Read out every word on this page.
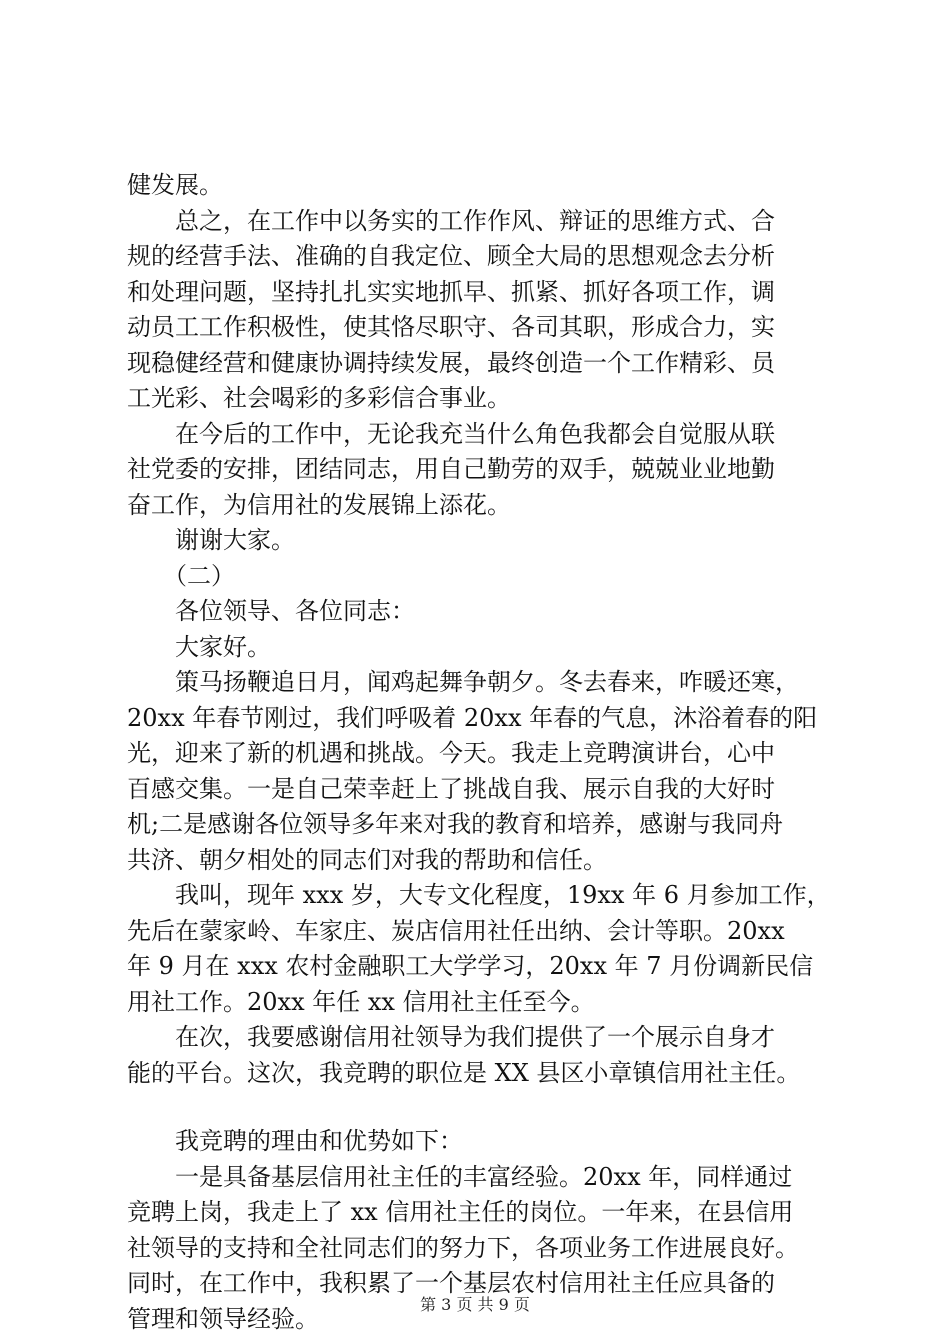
健发展。
　　总之，在工作中以务实的工作作风、辩证的思维方式、合
规的经营手法、准确的自我定位、顾全大局的思想观念去分析
和处理问题，坚持扎扎实实地抓早、抓紧、抓好各项工作，调
动员工工作积极性，使其恪尽职守、各司其职，形成合力，实
现稳健经营和健康协调持续发展，最终创造一个工作精彩、员
工光彩、社会喝彩的多彩信合事业。
　　在今后的工作中，无论我充当什么角色我都会自觉服从联
社党委的安排，团结同志，用自己勤劳的双手，兢兢业业地勤
奋工作，为信用社的发展锦上添花。
　　谢谢大家。
　　（二）
　　各位领导、各位同志：
　　大家好。
　　策马扬鞭追日月，闻鸡起舞争朝夕。冬去春来，咋暖还寒，
20xx 年春节刚过，我们呼吸着 20xx 年春的气息，沐浴着春的阳
光，迎来了新的机遇和挑战。今天。我走上竞聘演讲台，心中
百感交集。一是自己荣幸赶上了挑战自我、展示自我的大好时
机;二是感谢各位领导多年来对我的教育和培养，感谢与我同舟
共济、朝夕相处的同志们对我的帮助和信任。
　　我叫，现年 xxx 岁，大专文化程度，19xx 年 6 月参加工作，
先后在蒙家岭、车家庄、炭店信用社任出纳、会计等职。20xx
年 9 月在 xxx 农村金融职工大学学习，20xx 年 7 月份调新民信
用社工作。20xx 年任 xx 信用社主任至今。
　　在次，我要感谢信用社领导为我们提供了一个展示自身才
能的平台。这次，我竞聘的职位是 XX 县区小章镇信用社主任。
　　我竞聘的理由和优势如下：
　　一是具备基层信用社主任的丰富经验。20xx 年，同样通过
竞聘上岗，我走上了 xx 信用社主任的岗位。一年来，在县信用
社领导的支持和全社同志们的努力下，各项业务工作进展良好。
同时，在工作中，我积累了一个基层农村信用社主任应具备的
管理和领导经验。	第 3 页 共 9 页
